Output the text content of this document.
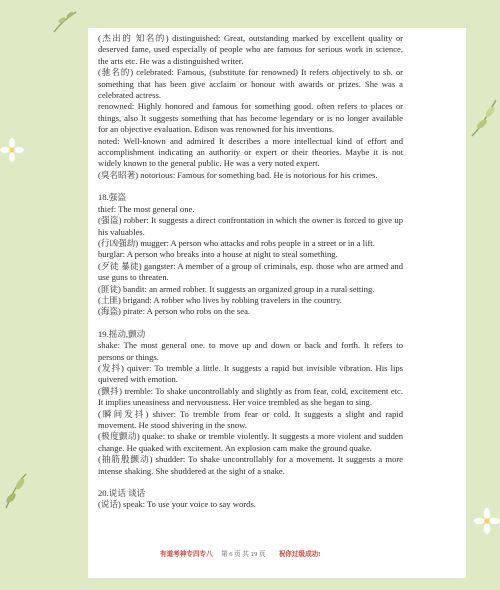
(杰出的 知名的) distinguished: Great, outstanding marked by excellent quality or deserved fame, used especially of people who are famous for serious work in science, the arts etc. He was a distinguished writer.

(驰名的) celebrated: Famous, (substitute for renowned) It refers objectively to sb. or something that has been give acclaim or honour with awards or prizes. She was a celebrated actress.

renowned: Highly honored and famous for something good. often refers to places or things, also It suggests something that has become legendary or is no longer available for an objective evaluation. Edison was renowned for his inventions.

noted: Well-known and admired It describes a more intellectual kind of effort and accomplishment indicating an authority or expert or their theories. Maybe it is not widely known to the general public. He was a very noted expert.

(臭名昭著) notorious: Famous for something bad. He is notorious for his crimes.

18.强盗

thief: The most general one.

(强盗) robber: It suggests a direct confrontation in which the owner is forced to give up his valuables.

(行凶强劫) mugger: A person who attacks and robs people in a street or in a lift.

burglar: A person who breaks into a house at night to steal something.

(歹徒 暴徒) gangster: A member of a group of criminals, esp. those who are armed and use guns to threaten.

(匪徒) bandit: an armed robber. It suggests an organized group in a rural setting.

(土匪) brigand: A robber who lives by robbing travelers in the country.

(海盗) pirate: A person who robs on the sea.

19.摇动,颤动

shake: The most general one. to move up and down or back and forth. It refers to persons or things.

(发抖) quiver: To tremble a little. It suggests a rapid but invisible vibration. His lips quivered with emotion.

(颤抖) tremble: To shake uncontrollably and slightly as from fear, cold, excitement etc. It implies uneasiness and nervousness. Her voice trembled as she began to sing.

(瞬间发抖) shiver: To tremble from fear or cold. It suggests a slight and rapid movement. He stood shivering in the snow.

(极度颤动) quake: to shake or tremble violently. It suggests a more violent and sudden change. He quaked with excitement. An explosion cam make the ground quake.

(抽筋般颤动) shudder: To shake uncontrollably for a movement. It suggests a more intense shaking. She shuddered at the sight of a snake.

20.说话 谈话

(说话) speak: To use your voice to say words.

有道考神专四专八 第 6 页 共 19 页 祝你过级成功!
